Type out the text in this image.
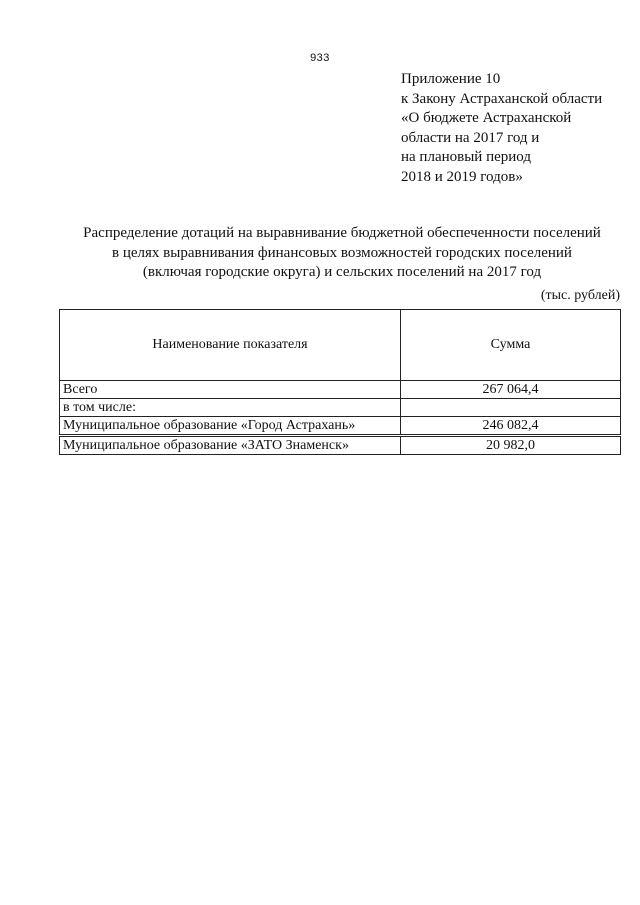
933
Приложение 10
к Закону Астраханской области
«О бюджете Астраханской
области на 2017 год и
на плановый период
2018 и 2019 годов»
Распределение дотаций на выравнивание бюджетной обеспеченности поселений
в целях выравнивания финансовых возможностей городских поселений
(включая городские округа) и сельских поселений на 2017 год
(тыс. рублей)
Наименование показателя	Сумма
Всего	267 064,4
в том числе:	
Муниципальное образование «Город Астрахань»	246 082,4
Муниципальное образование «ЗАТО Знаменск»	20 982,0
